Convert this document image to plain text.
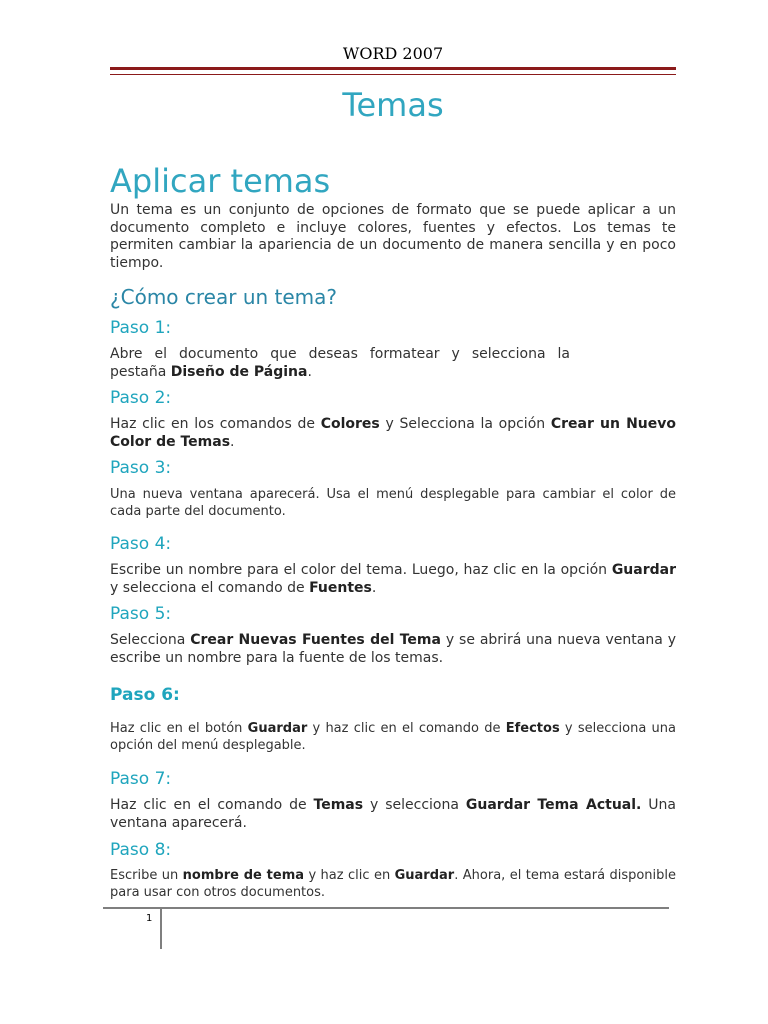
WORD 2007
Temas
Aplicar temas

Un tema es un conjunto de opciones de formato que se puede aplicar a un documento completo e incluye colores, fuentes y efectos. Los temas te permiten cambiar la apariencia de un documento de manera sencilla y en poco tiempo.

¿Cómo crear un tema?
Paso 1:

Abre el documento que deseas formatear y selecciona la pestaña Diseño de Página.

Paso 2:

Haz clic en los comandos de Colores y Selecciona la opción Crear un Nuevo Color de Temas.

Paso 3:

Una nueva ventana aparecerá. Usa el menú desplegable para cambiar el color de cada parte del documento.

Paso 4:

Escribe un nombre para el color del tema. Luego, haz clic en la opción Guardar y selecciona el comando de Fuentes.

Paso 5:

Selecciona Crear Nuevas Fuentes del Tema y se abrirá una nueva ventana y escribe un nombre para la fuente de los temas.

Paso 6:

Haz clic en el botón Guardar y haz clic en el comando de Efectos y selecciona una opción del menú desplegable.

Paso 7:

Haz clic en el comando de Temas y selecciona Guardar Tema Actual. Una ventana aparecerá.

Paso 8:

Escribe un nombre de tema y haz clic en Guardar. Ahora, el tema estará disponible para usar con otros documentos.

1
